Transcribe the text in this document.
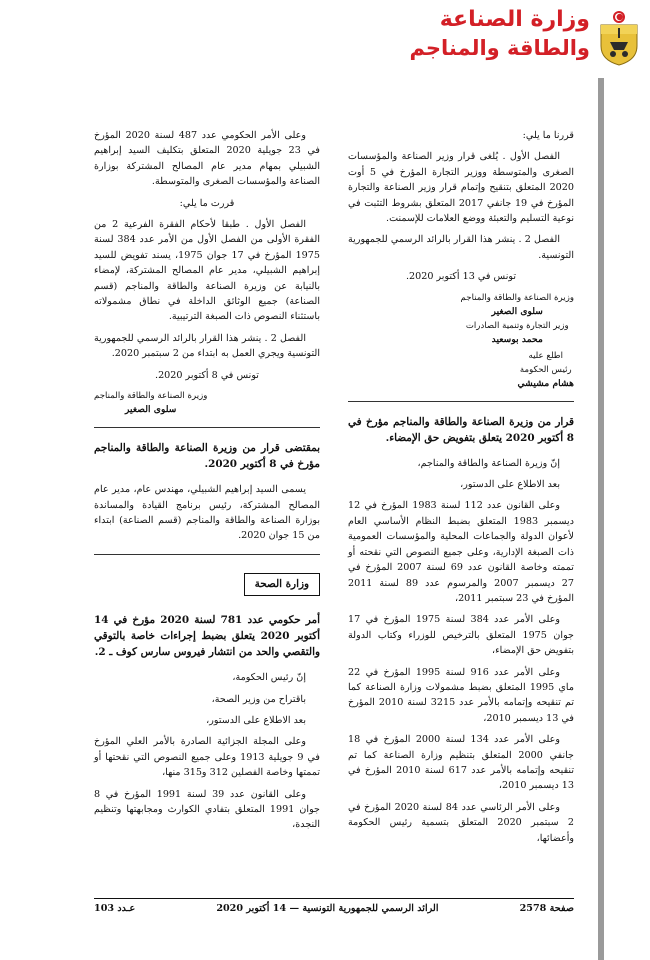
وزارة الصناعة
والطاقة والمناجم

قررنا ما يلي:

الفصل الأول . يُلغى قرار وزير الصناعة والمؤسسات الصغرى والمتوسطة ووزير التجارة المؤرخ في 5 أوت 2020 المتعلق بتنقيح وإتمام قرار وزير الصناعة والتجارة المؤرخ في 19 جانفي 2017 المتعلق بشروط التثبت في نوعية التسليم والتعبئة ووضع العلامات للإسمنت.

الفصل 2 . ينشر هذا القرار بالرائد الرسمي للجمهورية التونسية.

تونس في 13 أكتوبر 2020.

وزيرة الصناعة والطاقة والمناجم
سلوى الصغير
وزير التجارة وتنمية الصادرات
محمد بوسعيد
اطلع عليه
رئيس الحكومة
هشام مشيشي
قرار من وزيرة الصناعة والطاقة والمناجم مؤرخ في 8 أكتوبر 2020 يتعلق بتفويض حق الإمضاء.

إنّ وزيرة الصناعة والطاقة والمناجم،

بعد الاطلاع على الدستور،

وعلى القانون عدد 112 لسنة 1983 المؤرخ في 12 ديسمبر 1983 المتعلق بضبط النظام الأساسي العام لأعوان الدولة والجماعات المحلية والمؤسسات العمومية ذات الصبغة الإدارية، وعلى جميع النصوص التي نقحته أو تممته وخاصة القانون عدد 69 لسنة 2007 المؤرخ في 27 ديسمبر 2007 والمرسوم عدد 89 لسنة 2011 المؤرخ في 23 سبتمبر 2011،

وعلى الأمر عدد 384 لسنة 1975 المؤرخ في 17 جوان 1975 المتعلق بالترخيص للوزراء وكتاب الدولة بتفويض حق الإمضاء،

وعلى الأمر عدد 916 لسنة 1995 المؤرخ في 22 ماي 1995 المتعلق بضبط مشمولات وزارة الصناعة كما تم تنقيحه وإتمامه بالأمر عدد 3215 لسنة 2010 المؤرخ في 13 ديسمبر 2010،

وعلى الأمر عدد 134 لسنة 2000 المؤرخ في 18 جانفي 2000 المتعلق بتنظيم وزارة الصناعة كما تم تنقيحه وإتمامه بالأمر عدد 617 لسنة 2010 المؤرخ في 13 ديسمبر 2010،

وعلى الأمر الرئاسي عدد 84 لسنة 2020 المؤرخ في 2 سبتمبر 2020 المتعلق بتسمية رئيس الحكومة وأعضائها،

وعلى الأمر الحكومي عدد 487 لسنة 2020 المؤرخ في 23 جويلية 2020 المتعلق بتكليف السيد إبراهيم الشبيلي بمهام مدير عام المصالح المشتركة بوزارة الصناعة والمؤسسات الصغرى والمتوسطة.

قررت ما يلي:

الفصل الأول . طبقا لأحكام الفقرة الفرعية 2 من الفقرة الأولى من الفصل الأول من الأمر عدد 384 لسنة 1975 المؤرخ في 17 جوان 1975، يسند تفويض للسيد إبراهيم الشبيلي، مدير عام المصالح المشتركة، لإمضاء بالنيابة عن وزيرة الصناعة والطاقة والمناجم (قسم الصناعة) جميع الوثائق الداخلة في نطاق مشمولاته باستثناء النصوص ذات الصبغة الترتيبية.

الفصل 2 . ينشر هذا القرار بالرائد الرسمي للجمهورية التونسية ويجري العمل به ابتداء من 2 سبتمبر 2020.

تونس في 8 أكتوبر 2020.

وزيرة الصناعة والطاقة والمناجم
سلوى الصغير
بمقتضى قرار من وزيرة الصناعة والطاقة والمناجم مؤرخ في 8 أكتوبر 2020.

يسمى السيد إبراهيم الشبيلي، مهندس عام، مدير عام المصالح المشتركة، رئيس برنامج القيادة والمساندة بوزارة الصناعة والطاقة والمناجم (قسم الصناعة) ابتداء من 15 جوان 2020.

وزارة الصحة
أمر حكومي عدد 781 لسنة 2020 مؤرخ في 14 أكتوبر 2020 يتعلق بضبط إجراءات خاصة بالتوقي والتقصي والحد من انتشار فيروس سارس كوف ـ 2.

إنّ رئيس الحكومة،

باقتراح من وزير الصحة،

بعد الاطلاع على الدستور،

وعلى المجلة الجزائية الصادرة بالأمر العلي المؤرخ في 9 جويلية 1913 وعلى جميع النصوص التي نقحتها أو تممتها وخاصة الفصلين 312 و315 منها،

وعلى القانون عدد 39 لسنة 1991 المؤرخ في 8 جوان 1991 المتعلق بتفادي الكوارث ومجابهتها وتنظيم النجدة،

صفحة 2578
الرائد الرسمي للجمهورية التونسية — 14 أكتوبر 2020
عـدد 103
